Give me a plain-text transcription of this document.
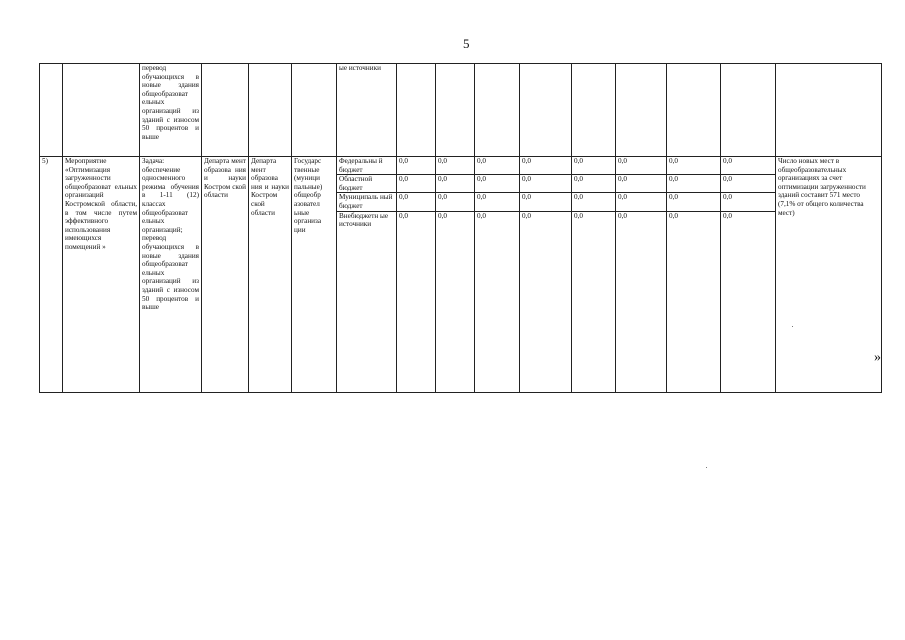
5
		перевод обучающихся в новые здания общеобразоват ельных организаций из зданий с износом 50 процентов и выше				ые источники									
5)	Мероприятие «Оптимизация загруженности общеобразоват ельных организаций Костромской области, в том числе путем эффективного использования имеющихся помещений »	Задача: обеспечение односменного режима обучения в 1-11 (12) классах общеобразоват ельных организаций; перевод обучающихся в новые здания общеобразоват ельных организаций из зданий с износом 50 процентов и выше	Департа мент образова ния и науки Костром ской области	Департа мент образова ния и науки Костром ской области	Государс твенные (муници пальные) общеобр азовател ьные организа ции	Федеральны й бюджет	0,0	0,0	0,0	0,0	0,0	0,0	0,0	0,0	Число новых мест в общеобразовательных организациях за счет оптимизации загруженности зданий составит 571 место (7,1% от общего количества мест)
						Областной бюджет	0,0	0,0	0,0	0,0	0,0	0,0	0,0	0,0	
						Муниципаль ный бюджет	0,0	0,0	0,0	0,0	0,0	0,0	0,0	0,0	
						Внебюджетн ые источники	0,0	0,0	0,0	0,0	0,0	0,0	0,0	0,0	
»
